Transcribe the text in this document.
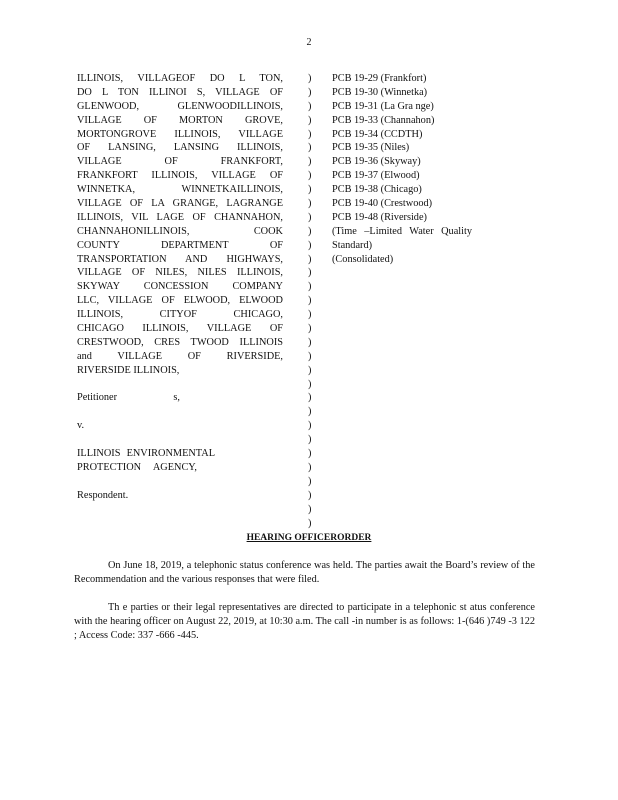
2
ILLINOIS, VILLAGEOF DO L TON,
DO L TON ILLINOI S, VILLAGE OF
GLENWOOD, GLENWOODILLINOIS,
VILLAGE OF MORTON GROVE,
MORTONGROVE ILLINOIS, VILLAGE
OF LANSING, LANSING ILLINOIS,
VILLAGE OF FRANKFORT,
FRANKFORT ILLINOIS, VILLAGE OF
WINNETKA, WINNETKAILLINOIS,
VILLAGE OF LA GRANGE, LAGRANGE
ILLINOIS, VIL LAGE OF CHANNAHON,
CHANNAHONILLINOIS, COOK
COUNTY DEPARTMENT OF
TRANSPORTATION AND HIGHWAYS,
VILLAGE OF NILES, NILES ILLINOIS,
SKYWAY CONCESSION COMPANY
LLC, VILLAGE OF ELWOOD, ELWOOD
ILLINOIS, CITYOF CHICAGO,
CHICAGO ILLINOIS, VILLAGE OF
CRESTWOOD, CRES TWOOD ILLINOIS
and VILLAGE OF RIVERSIDE,
RIVERSIDE ILLINOIS,
Petitioner s,
v.
ILLINOIS ENVIRONMENTAL
PROTECTION AGENCY,
Respondent.
)
)
)
)
)
)
)
)
)
)
)
)
)
)
)
)
)
)
)
)
)
)
)
)
)
)
)
)
)
)
)
)
)
PCB 19-29 (Frankfort)
PCB 19-30 (Winnetka)
PCB 19-31 (La Gra nge)
PCB 19-33 (Channahon)
PCB 19-34 (CCDTH)
PCB 19-35 (Niles)
PCB 19-36 (Skyway)
PCB 19-37 (Elwood)
PCB 19-38 (Chicago)
PCB 19-40 (Crestwood)
PCB 19-48 (Riverside)
(Time –Limited Water Quality
Standard)
(Consolidated)
HEARING OFFICERORDER

On June 18, 2019, a telephonic status conference was held. The parties await the Board’s review of the Recommendation and the various responses that were filed.

Th e parties or their legal representatives are directed to participate in a telephonic st atus conference with the hearing officer on August 22, 2019, at 10:30 a.m. The call -in number is as follows: 1-(646 )749 -3 122 ; Access Code: 337 -666 -445.
